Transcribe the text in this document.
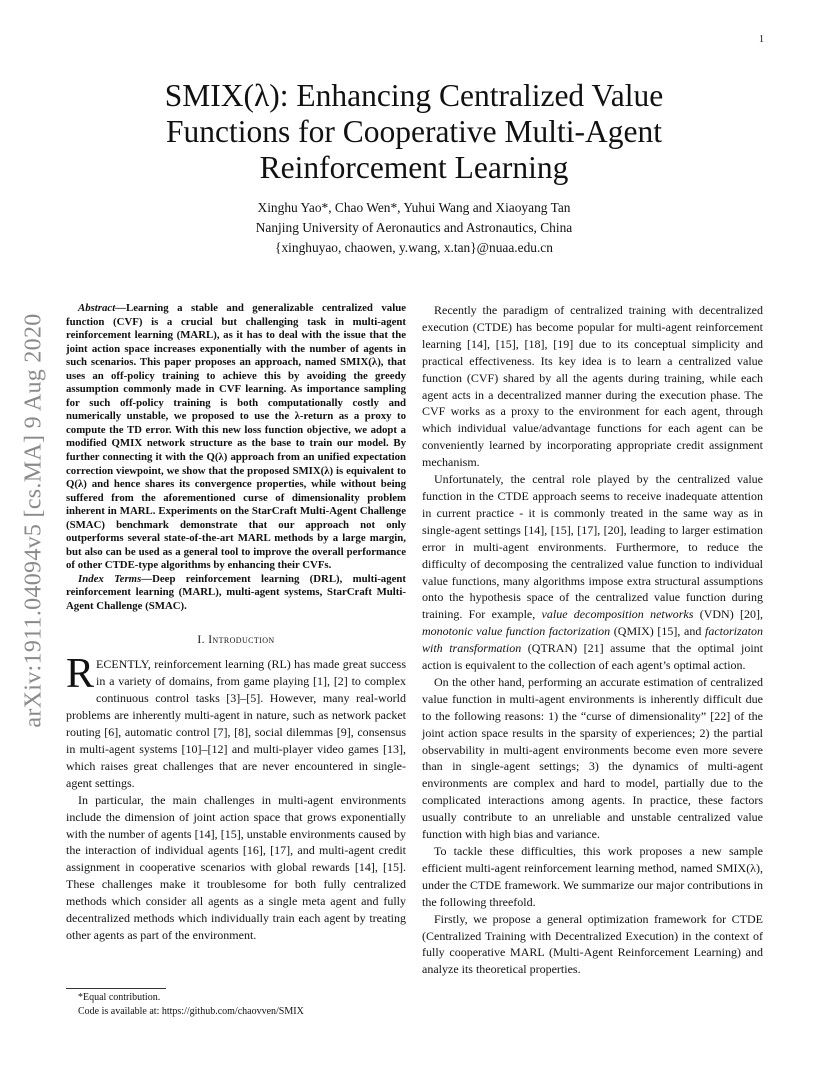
1
arXiv:1911.04094v5 [cs.MA] 9 Aug 2020
SMIX(λ): Enhancing Centralized Value Functions for Cooperative Multi-Agent Reinforcement Learning
Xinghu Yao*, Chao Wen*, Yuhui Wang and Xiaoyang Tan
Nanjing University of Aeronautics and Astronautics, China
{xinghuyao, chaowen, y.wang, x.tan}@nuaa.edu.cn

Abstract—Learning a stable and generalizable centralized value function (CVF) is a crucial but challenging task in multi-agent reinforcement learning (MARL), as it has to deal with the issue that the joint action space increases exponentially with the number of agents in such scenarios. This paper proposes an approach, named SMIX(λ), that uses an off-policy training to achieve this by avoiding the greedy assumption commonly made in CVF learning. As importance sampling for such off-policy training is both computationally costly and numerically unstable, we proposed to use the λ-return as a proxy to compute the TD error. With this new loss function objective, we adopt a modified QMIX network structure as the base to train our model. By further connecting it with the Q(λ) approach from an unified expectation correction viewpoint, we show that the proposed SMIX(λ) is equivalent to Q(λ) and hence shares its convergence properties, while without being suffered from the aforementioned curse of dimensionality problem inherent in MARL. Experiments on the StarCraft Multi-Agent Challenge (SMAC) benchmark demonstrate that our approach not only outperforms several state-of-the-art MARL methods by a large margin, but also can be used as a general tool to improve the overall performance of other CTDE-type algorithms by enhancing their CVFs.

Index Terms—Deep reinforcement learning (DRL), multi-agent reinforcement learning (MARL), multi-agent systems, StarCraft Multi-Agent Challenge (SMAC).

I. Introduction

RECENTLY, reinforcement learning (RL) has made great success in a variety of domains, from game playing [1], [2] to complex continuous control tasks [3]–[5]. However, many real-world problems are inherently multi-agent in nature, such as network packet routing [6], automatic control [7], [8], social dilemmas [9], consensus in multi-agent systems [10]–[12] and multi-player video games [13], which raises great challenges that are never encountered in single-agent settings.

In particular, the main challenges in multi-agent environments include the dimension of joint action space that grows exponentially with the number of agents [14], [15], unstable environments caused by the interaction of individual agents [16], [17], and multi-agent credit assignment in cooperative scenarios with global rewards [14], [15]. These challenges make it troublesome for both fully centralized methods which consider all agents as a single meta agent and fully decentralized methods which individually train each agent by treating other agents as part of the environment.

*Equal contribution.
Code is available at: https://github.com/chaovven/SMIX

Recently the paradigm of centralized training with decentralized execution (CTDE) has become popular for multi-agent reinforcement learning [14], [15], [18], [19] due to its conceptual simplicity and practical effectiveness. Its key idea is to learn a centralized value function (CVF) shared by all the agents during training, while each agent acts in a decentralized manner during the execution phase. The CVF works as a proxy to the environment for each agent, through which individual value/advantage functions for each agent can be conveniently learned by incorporating appropriate credit assignment mechanism.

Unfortunately, the central role played by the centralized value function in the CTDE approach seems to receive inadequate attention in current practice - it is commonly treated in the same way as in single-agent settings [14], [15], [17], [20], leading to larger estimation error in multi-agent environments. Furthermore, to reduce the difficulty of decomposing the centralized value function to individual value functions, many algorithms impose extra structural assumptions onto the hypothesis space of the centralized value function during training. For example, value decomposition networks (VDN) [20], monotonic value function factorization (QMIX) [15], and factorizaton with transformation (QTRAN) [21] assume that the optimal joint action is equivalent to the collection of each agent’s optimal action.

On the other hand, performing an accurate estimation of centralized value function in multi-agent environments is inherently difficult due to the following reasons: 1) the “curse of dimensionality” [22] of the joint action space results in the sparsity of experiences; 2) the partial observability in multi-agent environments become even more severe than in single-agent settings; 3) the dynamics of multi-agent environments are complex and hard to model, partially due to the complicated interactions among agents. In practice, these factors usually contribute to an unreliable and unstable centralized value function with high bias and variance.

To tackle these difficulties, this work proposes a new sample efficient multi-agent reinforcement learning method, named SMIX(λ), under the CTDE framework. We summarize our major contributions in the following threefold.

Firstly, we propose a general optimization framework for CTDE (Centralized Training with Decentralized Execution) in the context of fully cooperative MARL (Multi-Agent Reinforcement Learning) and analyze its theoretical properties.
